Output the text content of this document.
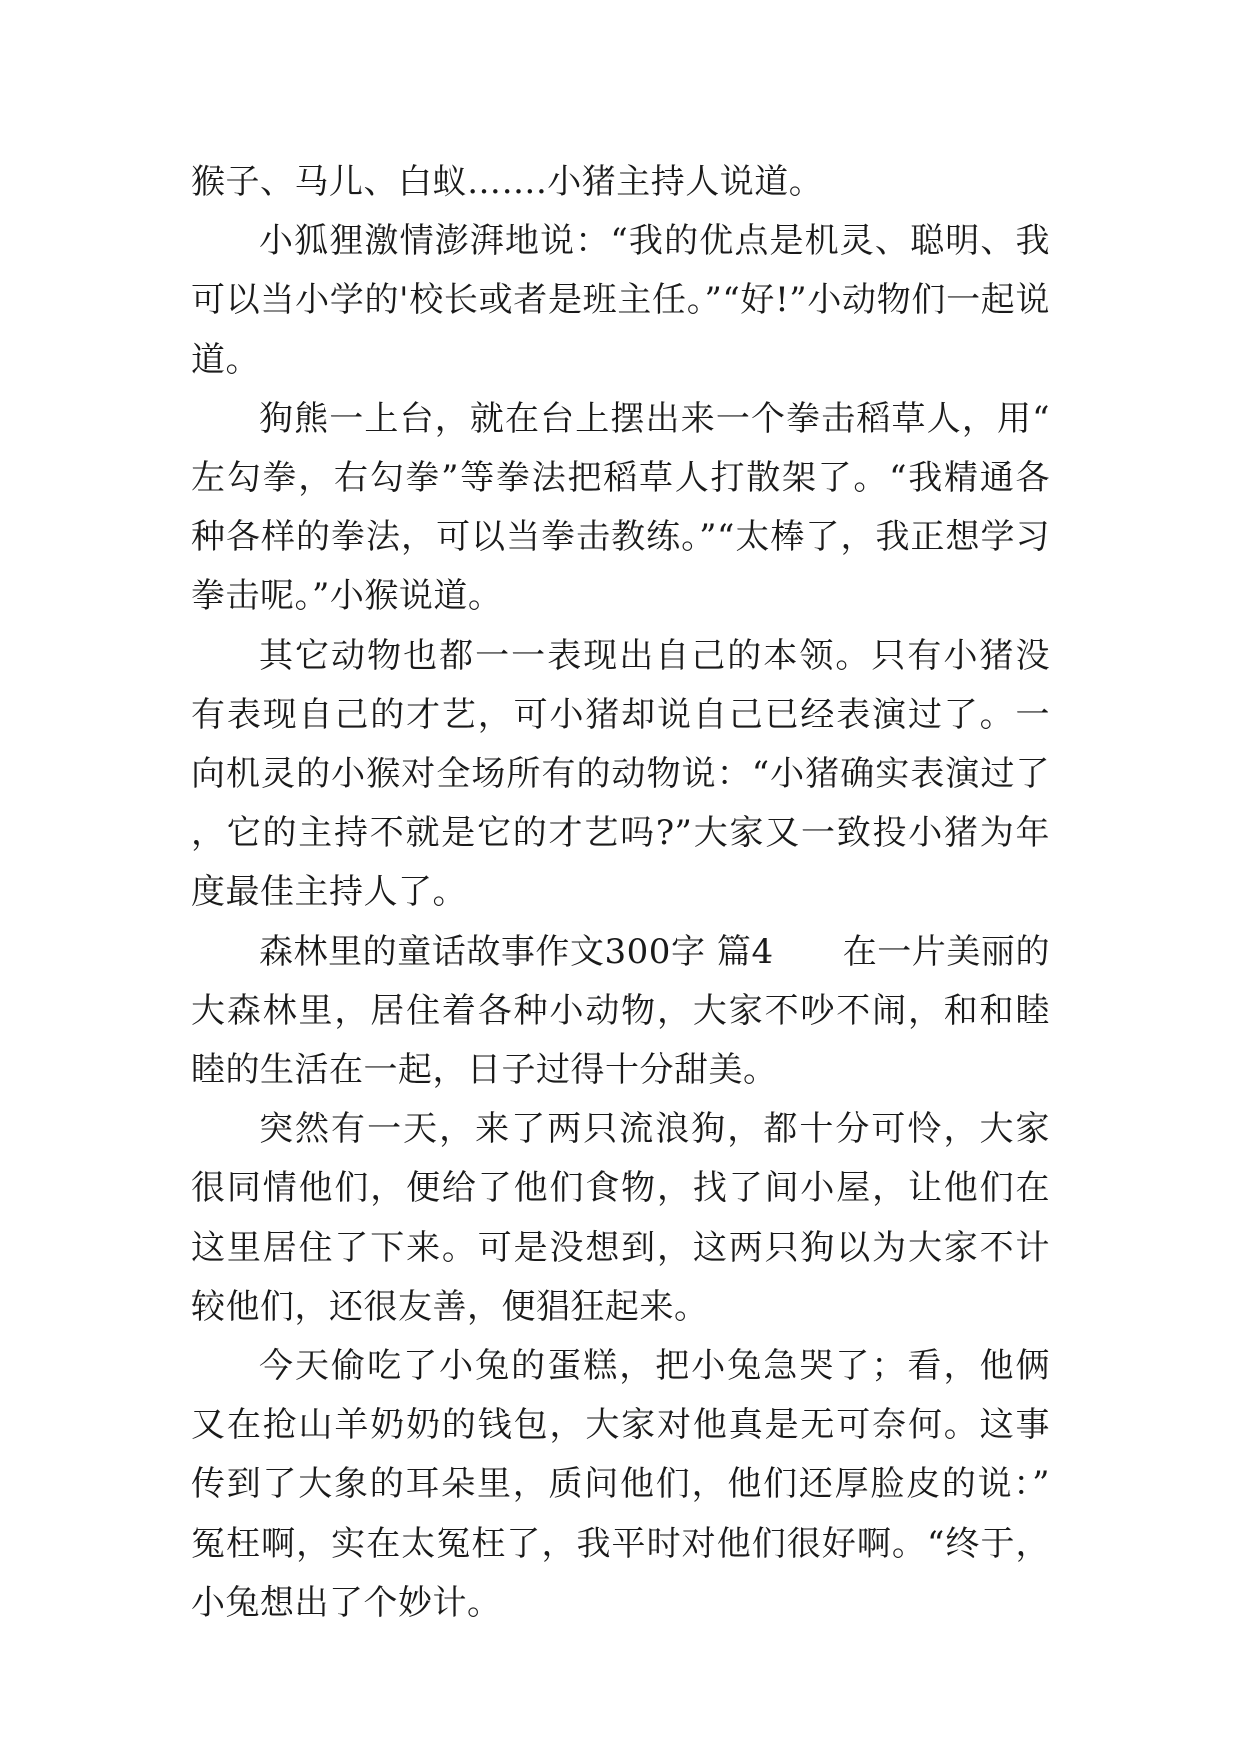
猴子、马儿、白蚁…….小猪主持人说道。

小狐狸激情澎湃地说：“我的优点是机灵、聪明、我可以当小学的'校长或者是班主任。”“好!”小动物们一起说道。

狗熊一上台，就在台上摆出来一个拳击稻草人，用“左勾拳，右勾拳”等拳法把稻草人打散架了。“我精通各种各样的拳法，可以当拳击教练。”“太棒了，我正想学习拳击呢。”小猴说道。

其它动物也都一一表现出自己的本领。只有小猪没有表现自己的才艺，可小猪却说自己已经表演过了。一向机灵的小猴对全场所有的动物说：“小猪确实表演过了，它的主持不就是它的才艺吗?”大家又一致投小猪为年度最佳主持人了。

森林里的童话故事作文300字 篇4　　在一片美丽的大森林里，居住着各种小动物，大家不吵不闹，和和睦睦的生活在一起，日子过得十分甜美。

突然有一天，来了两只流浪狗，都十分可怜，大家很同情他们，便给了他们食物，找了间小屋，让他们在这里居住了下来。可是没想到，这两只狗以为大家不计较他们，还很友善，便猖狂起来。

今天偷吃了小兔的蛋糕，把小兔急哭了；看，他俩又在抢山羊奶奶的钱包，大家对他真是无可奈何。这事传到了大象的耳朵里，质问他们，他们还厚脸皮的说：”冤枉啊，实在太冤枉了，我平时对他们很好啊。“终于，小兔想出了个妙计。
